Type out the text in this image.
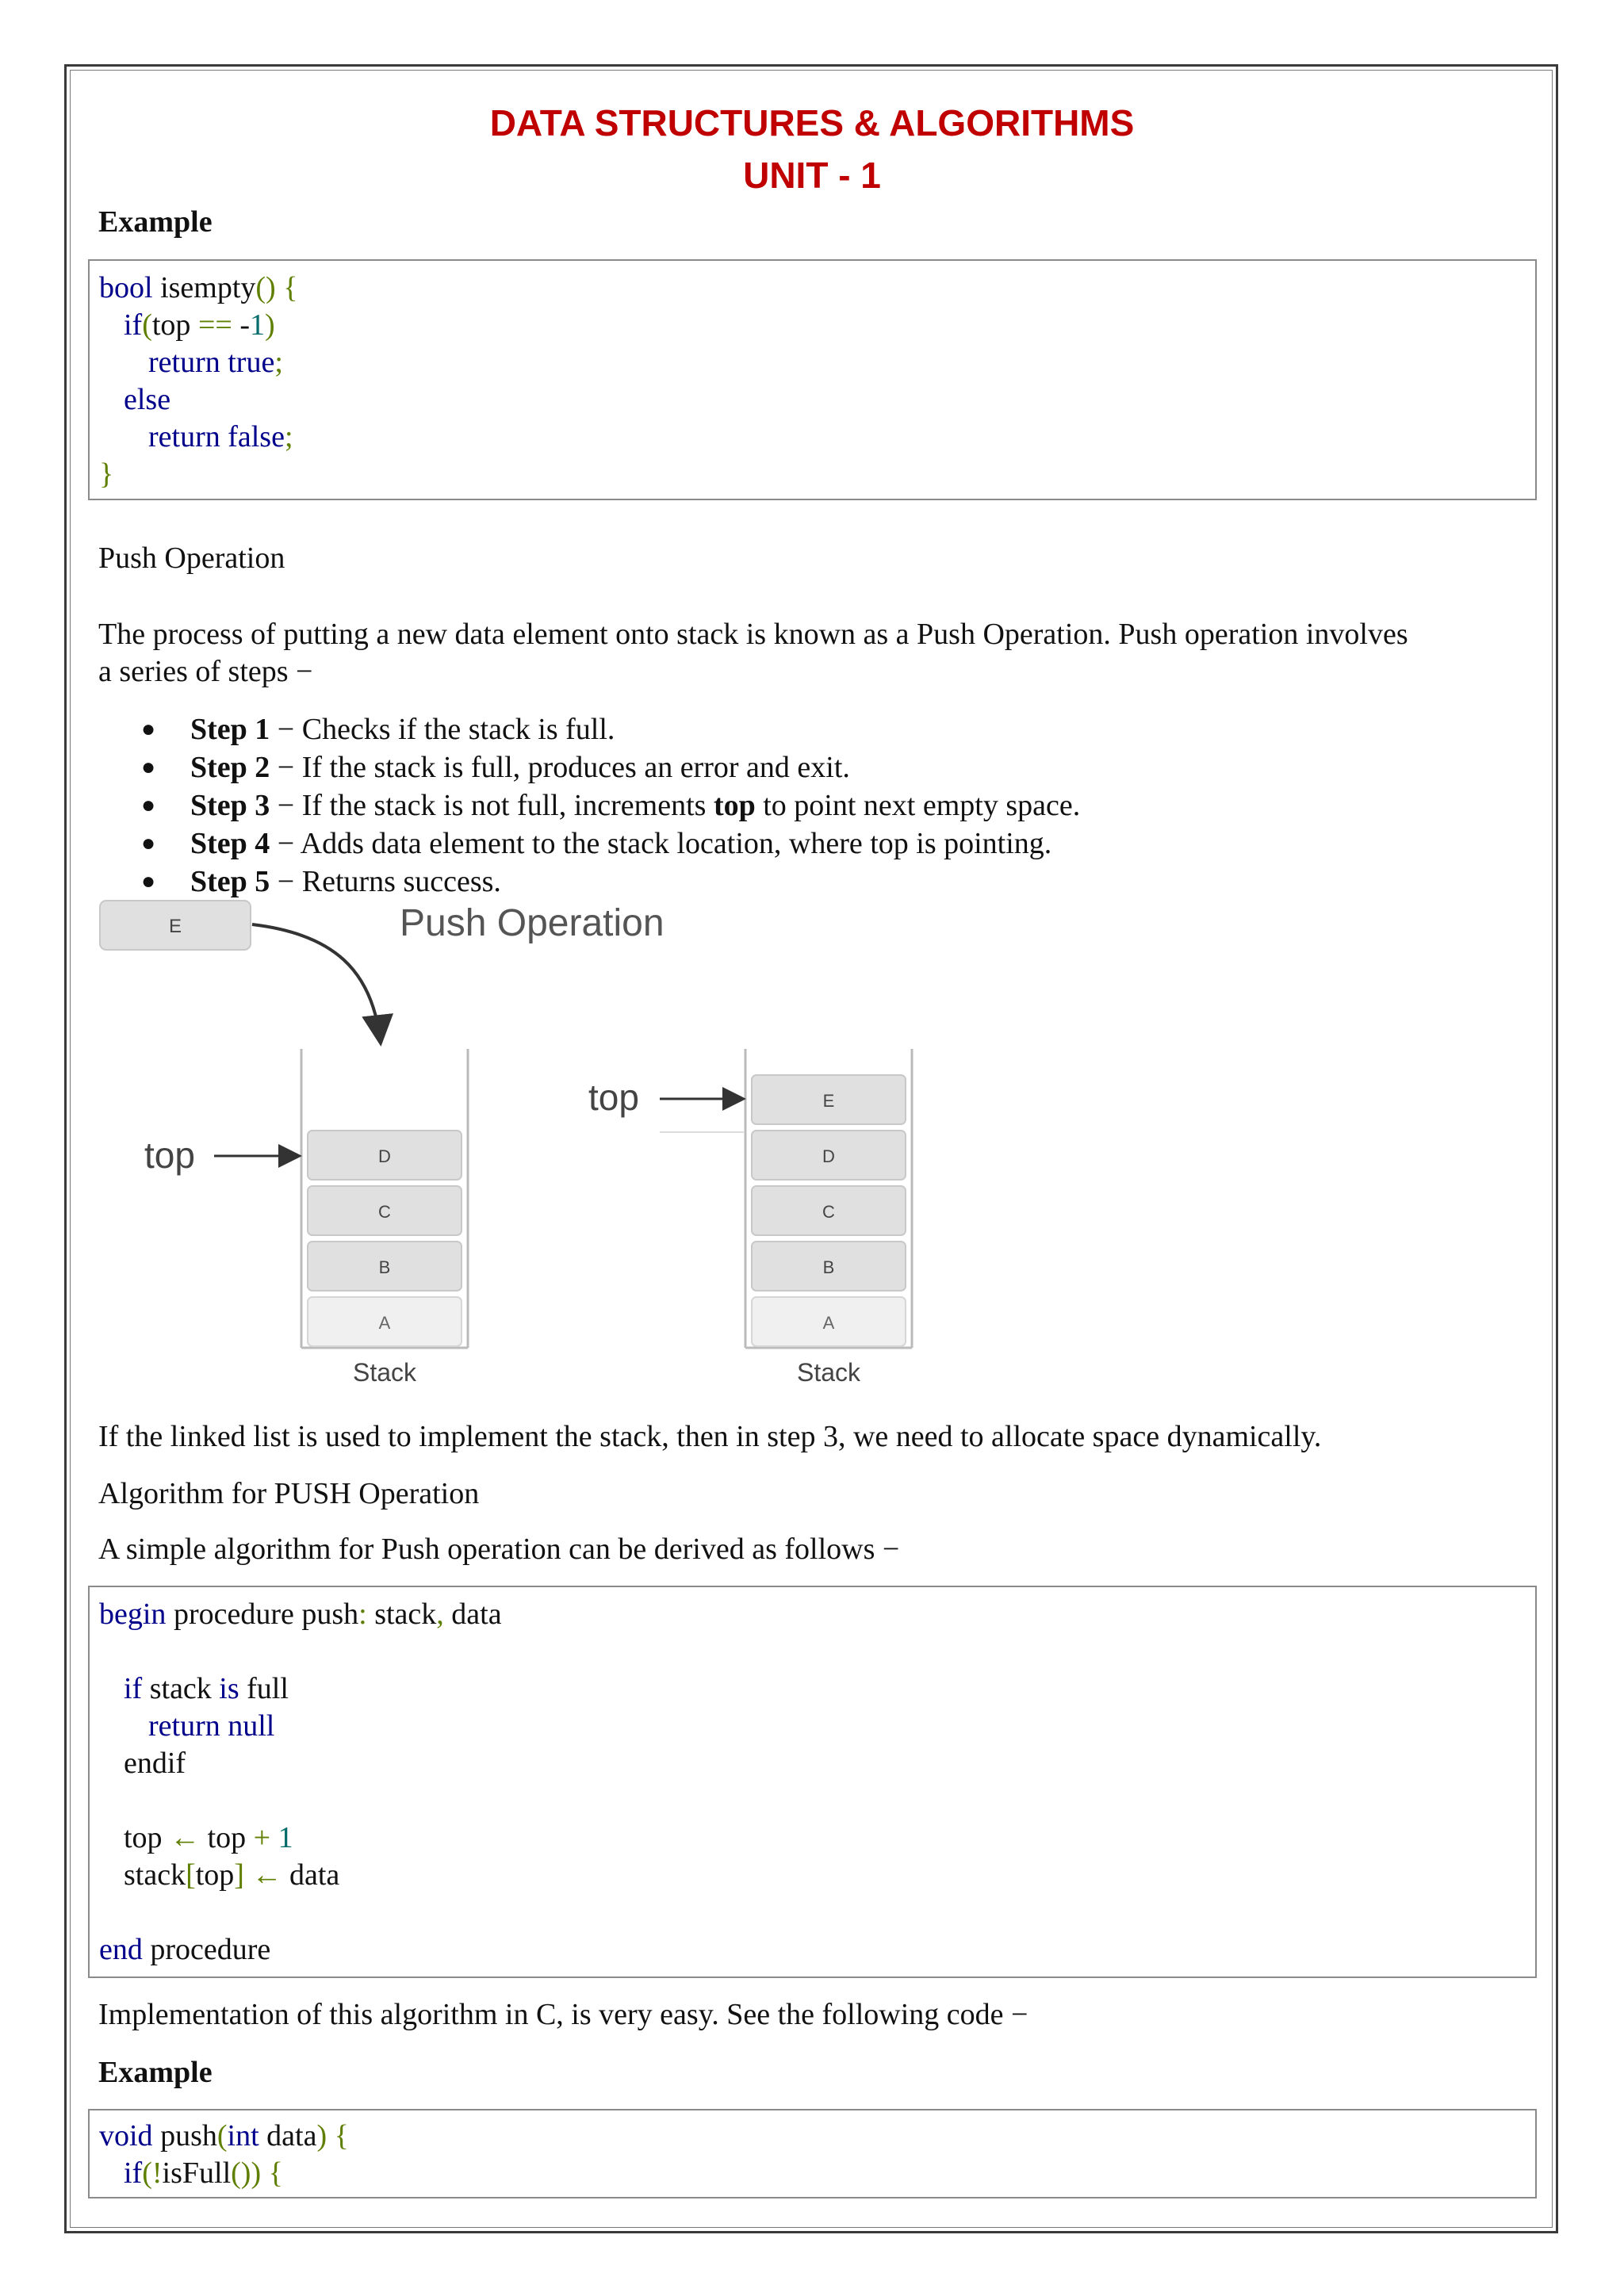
DATA STRUCTURES & ALGORITHMS
UNIT - 1
Example
bool isempty() {
if(top == -1)
return true;
else
return false;
}
Push Operation
The process of putting a new data element onto stack is known as a Push Operation. Push operation involves
a series of steps −
● Step 1 − Checks if the stack is full.
● Step 2 − If the stack is full, produces an error and exit.
● Step 3 − If the stack is not full, increments top to point next empty space.
● Step 4 − Adds data element to the stack location, where top is pointing.
● Step 5 − Returns success.
E	Push Operation
D
C
B
A
top
Stack
E
D
C
B
A
top
Stack
If the linked list is used to implement the stack, then in step 3, we need to allocate space dynamically.
Algorithm for PUSH Operation
A simple algorithm for Push operation can be derived as follows −
begin procedure push: stack, data
if stack is full
return null
endif
top ← top + 1
stack[top] ← data
end procedure
Implementation of this algorithm in C, is very easy. See the following code −
Example
void push(int data) {
if(!isFull()) {
